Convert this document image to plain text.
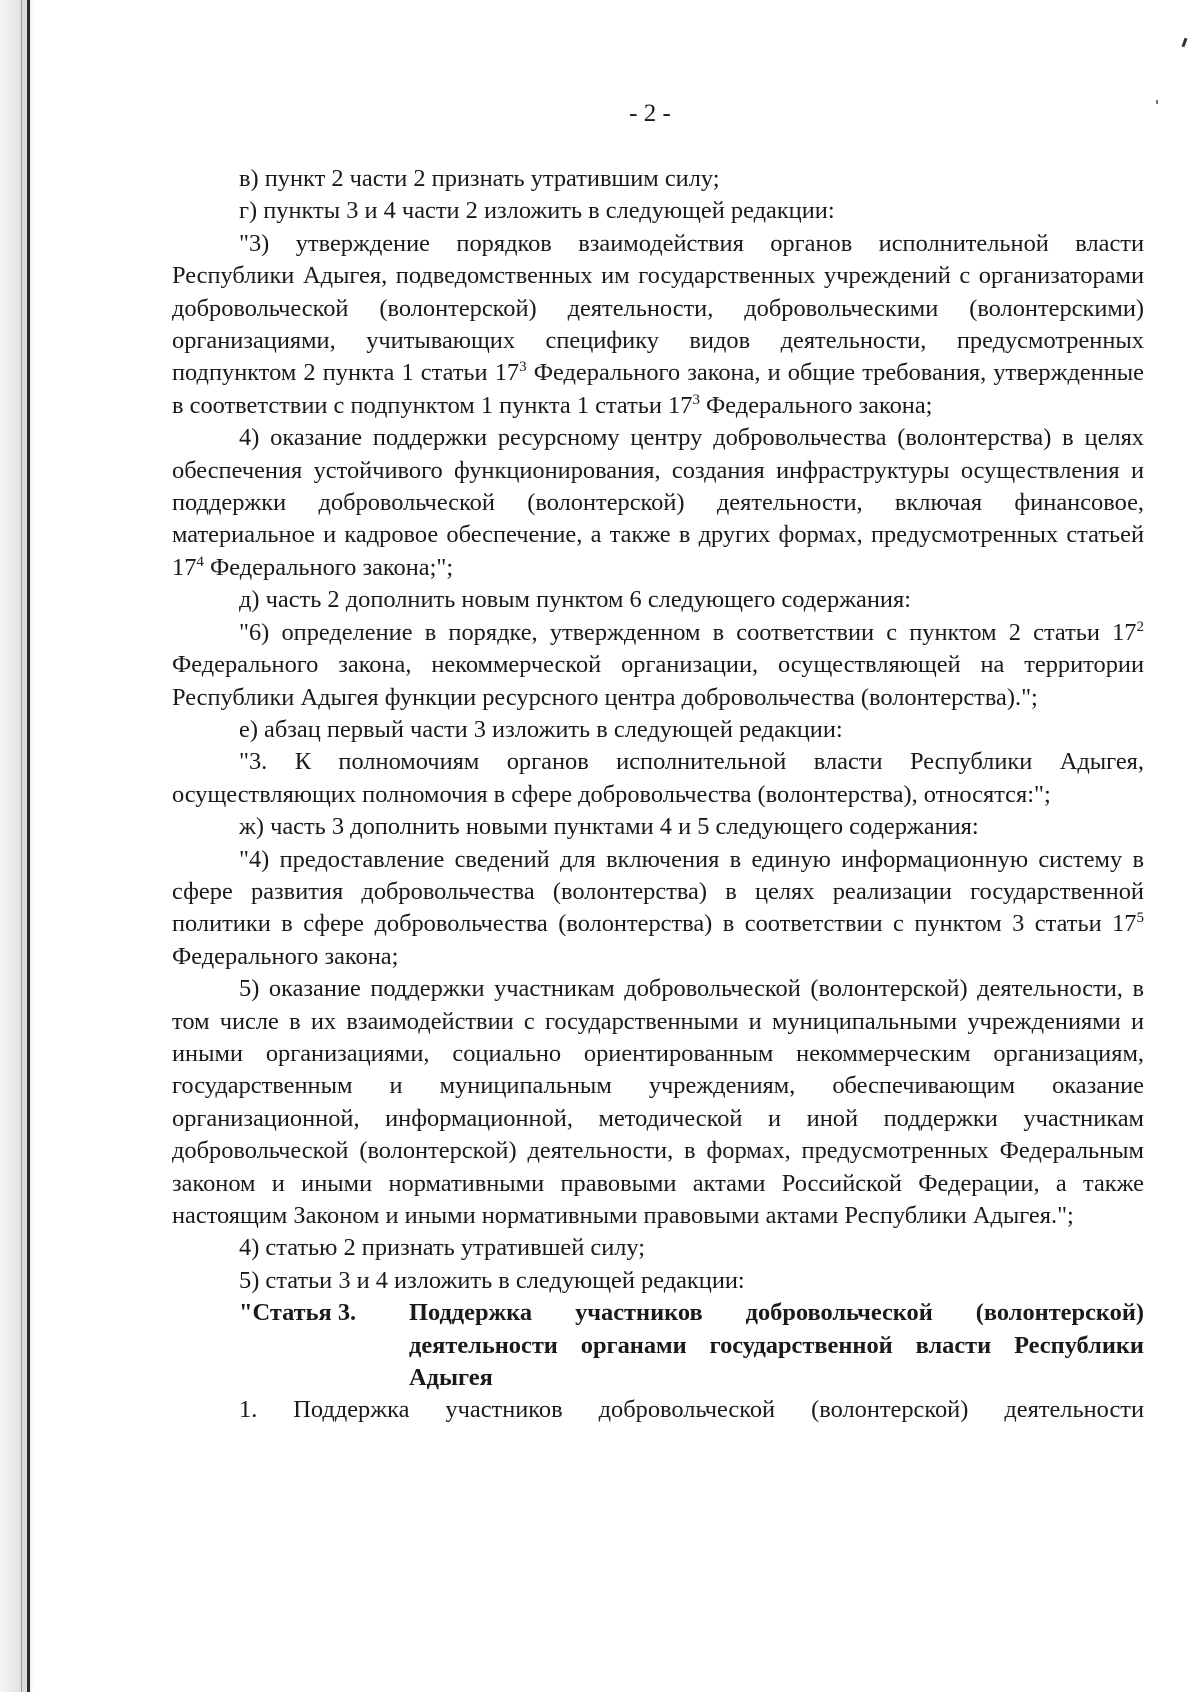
- 2 -

в) пункт 2 части 2 признать утратившим силу;

г) пункты 3 и 4 части 2 изложить в следующей редакции:

"3) утверждение порядков взаимодействия органов исполнительной власти Республики Адыгея, подведомственных им государственных учреждений с организаторами добровольческой (волонтерской) деятельности, добровольческими (волонтерскими) организациями, учитывающих специфику видов деятельности, предусмотренных подпунктом 2 пункта 1 статьи $17^3$ Федерального закона, и общие требования, утвержденные в соответствии с подпунктом 1 пункта 1 статьи $17^3$ Федерального закона;

4) оказание поддержки ресурсному центру добровольчества (волонтерства) в целях обеспечения устойчивого функционирования, создания инфраструктуры осуществления и поддержки добровольческой (волонтерской) деятельности, включая финансовое, материальное и кадровое обеспечение, а также в других формах, предусмотренных статьей $17^4$ Федерального закона;";

д) часть 2 дополнить новым пунктом 6 следующего содержания:

"6) определение в порядке, утвержденном в соответствии с пунктом 2 статьи $17^2$ Федерального закона, некоммерческой организации, осуществляющей на территории Республики Адыгея функции ресурсного центра добровольчества (волонтерства).";

е) абзац первый части 3 изложить в следующей редакции:

"3. К полномочиям органов исполнительной власти Республики Адыгея, осуществляющих полномочия в сфере добровольчества (волонтерства), относятся:";

ж) часть 3 дополнить новыми пунктами 4 и 5 следующего содержания:

"4) предоставление сведений для включения в единую информационную систему в сфере развития добровольчества (волонтерства) в целях реализации государственной политики в сфере добровольчества (волонтерства) в соответствии с пунктом 3 статьи $17^5$ Федерального закона;

5) оказание поддержки участникам добровольческой (волонтерской) деятельности, в том числе в их взаимодействии с государственными и муниципальными учреждениями и иными организациями, социально ориентированным некоммерческим организациям, государственным и муниципальным учреждениям, обеспечивающим оказание организационной, информационной, методической и иной поддержки участникам добровольческой (волонтерской) деятельности, в формах, предусмотренных Федеральным законом и иными нормативными правовыми актами Российской Федерации, а также настоящим Законом и иными нормативными правовыми актами Республики Адыгея.";

4) статью 2 признать утратившей силу;

5) статьи 3 и 4 изложить в следующей редакции:

"Статья 3.	Поддержка участников добровольческой (волонтерской) деятельности органами государственной власти Республики Адыгея

1. Поддержка участников добровольческой (волонтерской) деятельности
